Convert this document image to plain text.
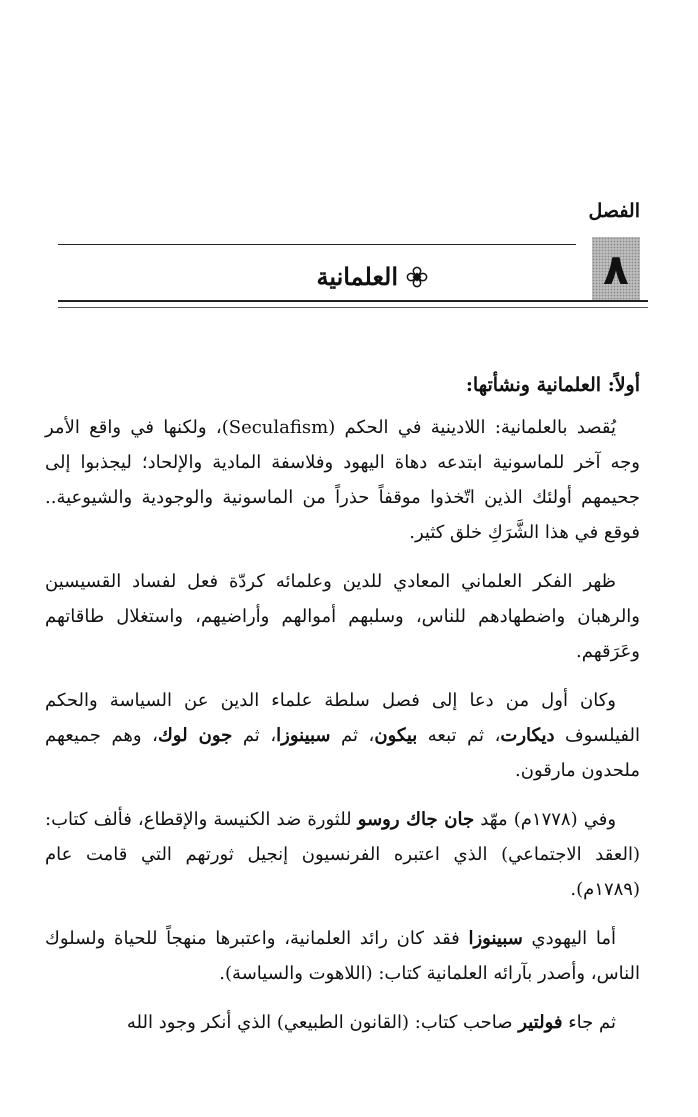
الفصل
٨
العلمانية
أولاً: العلمانية ونشأتها:

يُقصد بالعلمانية: اللادينية في الحكم (Seculafism)، ولكنها في واقع الأمر وجه آخر للماسونية ابتدعه دهاة اليهود وفلاسفة المادية والإلحاد؛ ليجذبوا إلى جحيمهم أولئك الذين اتّخذوا موقفاً حذراً من الماسونية والوجودية والشيوعية.. فوقع في هذا الشَّرَكِ خلق كثير.

ظهر الفكر العلماني المعادي للدين وعلمائه كردّة فعل لفساد القسيسين والرهبان واضطهادهم للناس، وسلبهم أموالهم وأراضيهم، واستغلال طاقاتهم وعَرَقهم.

وكان أول من دعا إلى فصل سلطة علماء الدين عن السياسة والحكم الفيلسوف ديكارت، ثم تبعه بيكون، ثم سبينوزا، ثم جون لوك، وهم جميعهم ملحدون مارقون.

وفي (١٧٧٨م) مهّد جان جاك روسو للثورة ضد الكنيسة والإقطاع، فألف كتاب: (العقد الاجتماعي) الذي اعتبره الفرنسيون إنجيل ثورتهم التي قامت عام (١٧٨٩م).

أما اليهودي سبينوزا فقد كان رائد العلمانية، واعتبرها منهجاً للحياة ولسلوك الناس، وأصدر بآرائه العلمانية كتاب: (اللاهوت والسياسة).

ثم جاء فولتير صاحب كتاب: (القانون الطبيعي) الذي أنكر وجود الله
